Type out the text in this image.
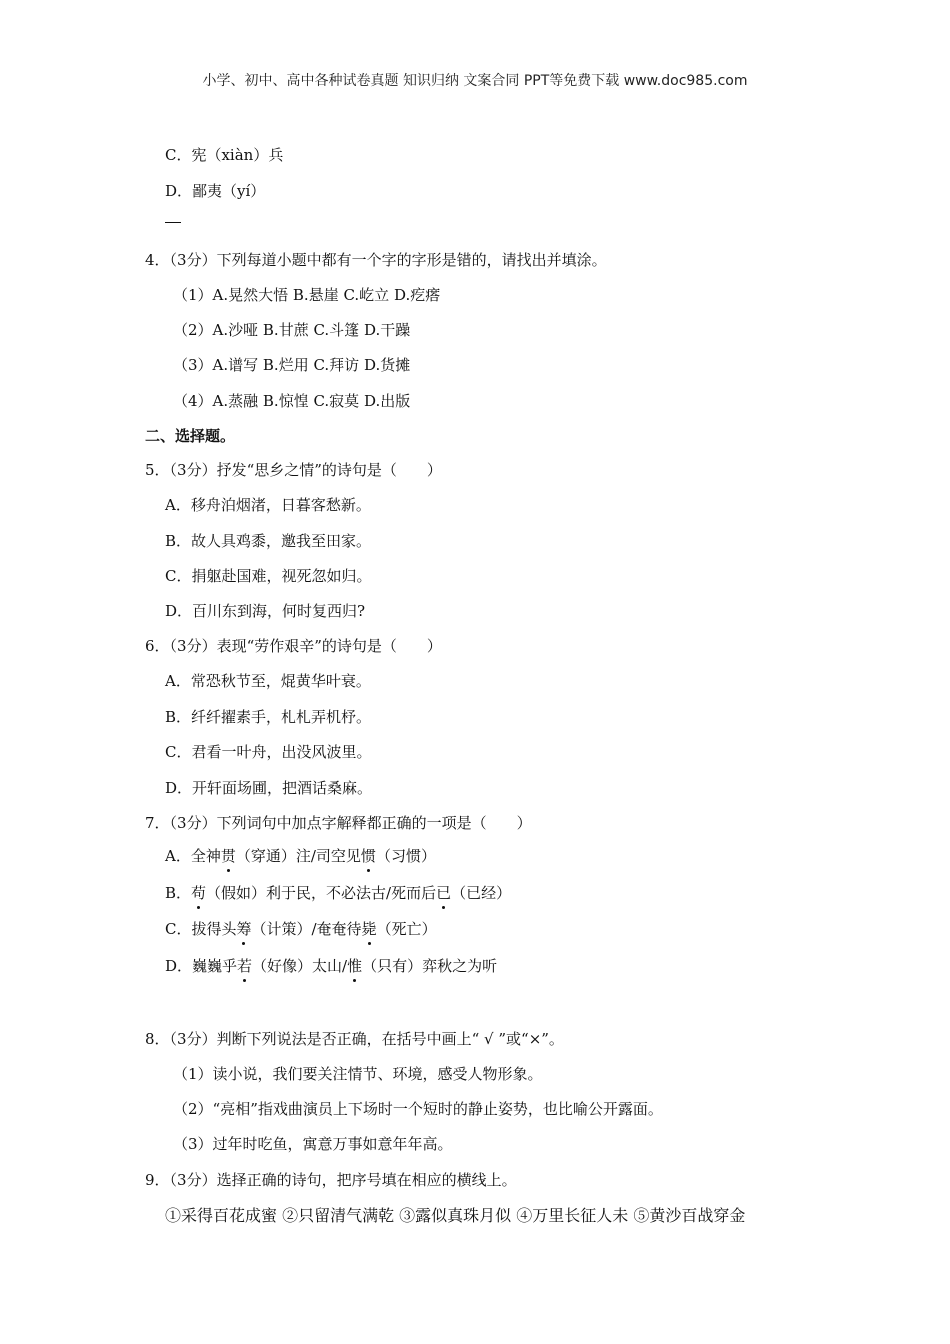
小学、初中、高中各种试卷真题 知识归纳 文案合同 PPT等免费下载 www.doc985.com
C．宪（xiàn）兵
D．鄙夷（yí）
4．（3分）下列每道小题中都有一个字的字形是错的，请找出并填涂。
（1）A.晃然大悟 B.悬崖 C.屹立 D.疙瘩
（2）A.沙哑 B.甘蔗 C.斗篷 D.干躁
（3）A.谱写 B.烂用 C.拜访 D.货摊
（4）A.蒸融 B.惊惶 C.寂莫 D.出版
二、选择题。
5．（3分）抒发“思乡之情”的诗句是（　　）
A．移舟泊烟渚，日暮客愁新。
B．故人具鸡黍，邀我至田家。
C．捐躯赴国难，视死忽如归。
D．百川东到海，何时复西归?
6．（3分）表现“劳作艰辛”的诗句是（　　）
A．常恐秋节至，焜黄华叶衰。
B．纤纤擢素手，札札弄机杼。
C．君看一叶舟，出没风波里。
D．开轩面场圃，把酒话桑麻。
7．（3分）下列词句中加点字解释都正确的一项是（　　）
A．全神贯（穿通）注/司空见惯（习惯）
B．苟（假如）利于民，不必法古/死而后已（已经）
C．拔得头筹（计策）/奄奄待毙（死亡）
D．巍巍乎若（好像）太山/惟（只有）弈秋之为听
8．（3分）判断下列说法是否正确，在括号中画上“ √ ”或“×”。
（1）读小说，我们要关注情节、环境，感受人物形象。
（2）“亮相”指戏曲演员上下场时一个短时的静止姿势，也比喻公开露面。
（3）过年时吃鱼，寓意万事如意年年高。
9．（3分）选择正确的诗句，把序号填在相应的横线上。
①采得百花成蜜 ②只留清气满乾 ③露似真珠月似 ④万里长征人未 ⑤黄沙百战穿金
